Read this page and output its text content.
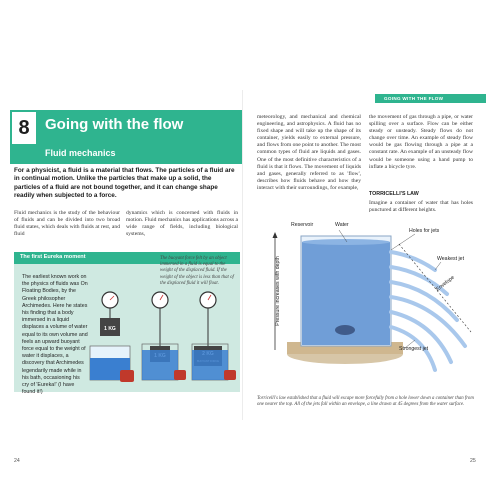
8	Going with the flow
Fluid mechanics

For a physicist, a fluid is a material that flows. The particles of a fluid are in continual motion. Unlike the particles that make up a solid, the particles of a fluid are not bound together, and it can change shape readily when subjected to a force.

Fluid mechanics is the study of the behaviour of fluids and can be divided into two broad fluid states, which deals with fluids at rest, and fluid

dynamics which is concerned with fluids in motion. Fluid mechanics has applications across a wide range of fields, including biological systems,

The first Eureka moment

The earliest known work on the physics of fluids was On Floating Bodies, by the Greek philosopher Archimedes. Here he states his finding that a body immersed in a liquid displaces a volume of water equal to its own volume and feels an upward buoyant force equal to the weight of water it displaces, a discovery that Archimedes legendarily made while in his bath, occasioning his cry of 'Eureka!' (I have found it!)

The buoyant force felt by an object immersed in a fluid is equal to the weight of the displaced fluid. If the weight of the object is less than that of the displaced fluid it will float.

1 KG
24
GOING WITH THE FLOW

meteorology, and mechanical and chemical engineering, and astrophysics. A fluid has no fixed shape and will take up the shape of its container, yields easily to external pressure, and flows from one point to another. The most common types of fluid are liquids and gases. One of the most definitive characteristics of a fluid is that it flows. The movement of liquids and gases, generally referred to as 'flow', describes how fluids behave and how they interact with their surroundings, for example,

the movement of gas through a pipe, or water spilling over a surface. Flow can be either steady or unsteady. Steady flows do not change over time. An example of steady flow would be gas flowing through a pipe at a constant rate. An example of an unsteady flow would be someone using a hand pump to inflate a bicycle tyre.

TORRICELLI'S LAW

Imagine a container of water that has holes punctured at different heights.

Reservoir	Water
Holes for jets
Weakest jet
Envelope
Strongest jet
Pressure increases with depth

Torricelli's law established that a fluid will escape more forcefully from a hole lower down a container than from one nearer the top. All of the jets fall within an envelope, a line drawn at 45 degrees from the water surface.

25
